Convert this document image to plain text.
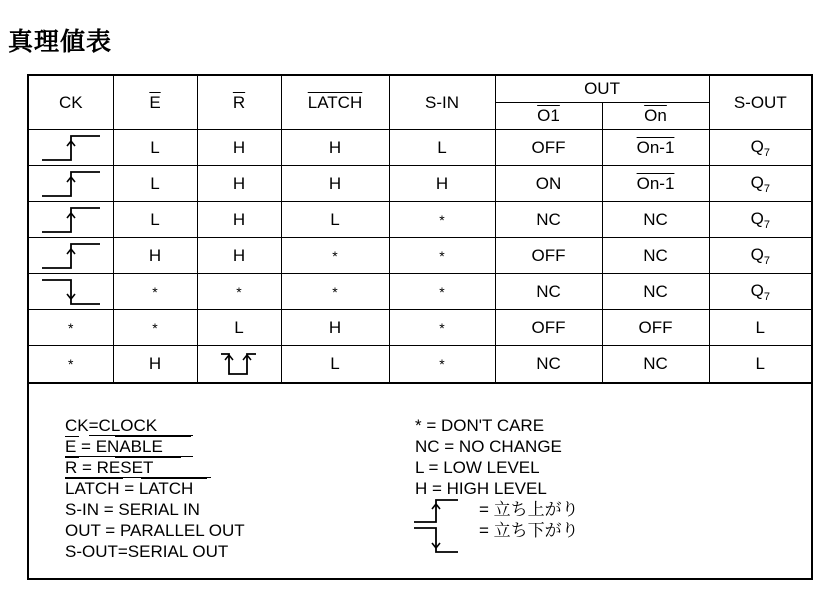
真理値表
CK	$\overline{E}$	$\overline{R}$	LATCH	S-IN	OUT		S-OUT
					O1	$\overline{On}$

	L	H	H	L	OFF	On-1	$Q_7$

	L	H	H	H	ON	On-1	$Q_7$

	L	H	L	*	NC	NC	$Q_7$

	H	H	*	*	OFF	NC	$Q_7$

	*	*	*	*	NC	NC	$Q_7$
*	*	L	H	*	OFF	OFF	L
*	H		L	*	NC	NC	L
CK=CLOCK
E = ENABLE
R = RESET
LATCH = LATCH
S-IN = SERIAL IN
OUT = PARALLEL OUT
S-OUT=SERIAL OUT
* = DON'T CARE
NC = NO CHANGE
L = LOW LEVEL
H = HIGH LEVEL
= 立ち上がり
= 立ち下がり
